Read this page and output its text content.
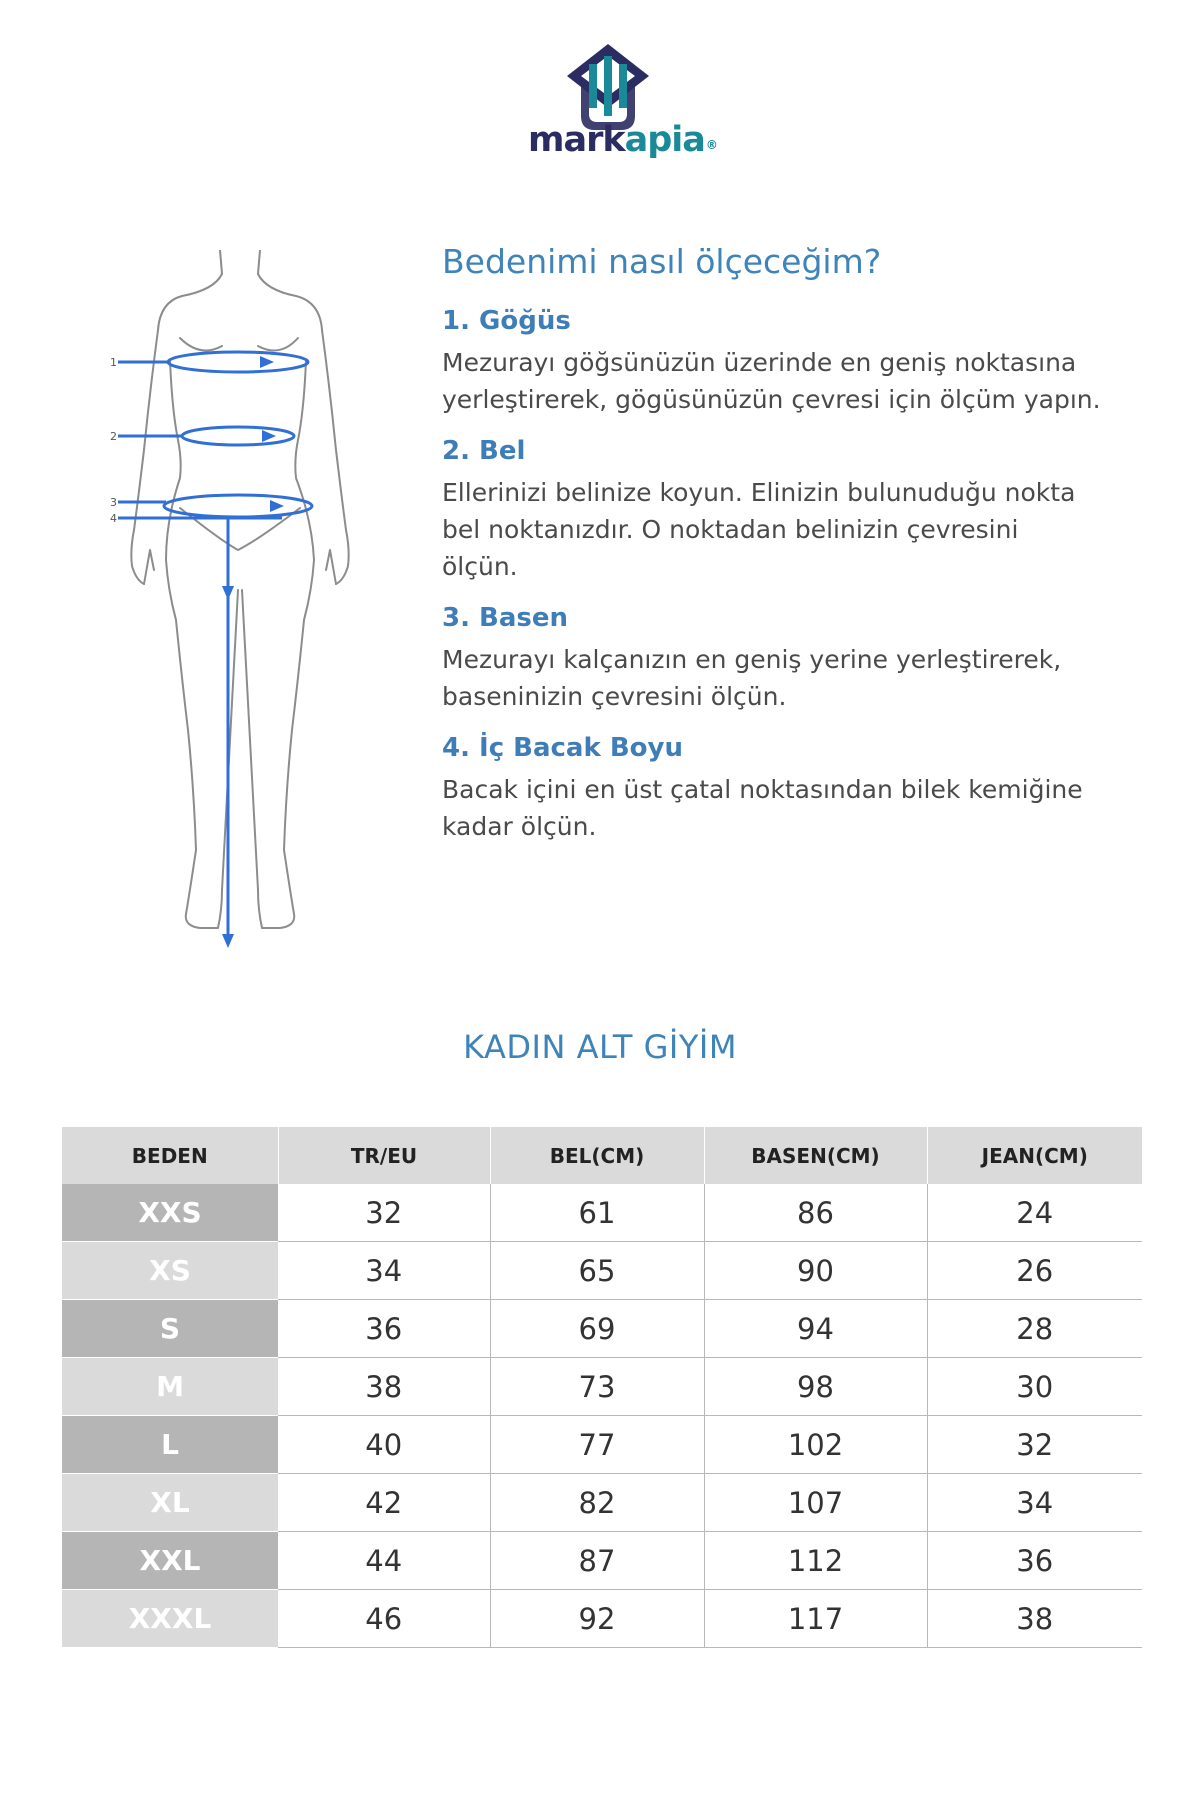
markapia®
1
2
3
4
Bedenimi nasıl ölçeceğim?
1. Göğüs

Mezurayı göğsünüzün üzerinde en geniş noktasına
yerleştirerek, gögüsünüzün çevresi için ölçüm yapın.

2. Bel

Ellerinizi belinize koyun. Elinizin bulunuduğu nokta
bel noktanızdır. O noktadan belinizin çevresini
ölçün.

3. Basen

Mezurayı kalçanızın en geniş yerine yerleştirerek,
baseninizin çevresini ölçün.

4. İç Bacak Boyu

Bacak içini en üst çatal noktasından bilek kemiğine
kadar ölçün.

KADIN ALT GİYİM
BEDEN	TR/EU	BEL(CM)	BASEN(CM)	JEAN(CM)
XXS	32	61	86	24
XS	34	65	90	26
S	36	69	94	28
M	38	73	98	30
L	40	77	102	32
XL	42	82	107	34
XXL	44	87	112	36
XXXL	46	92	117	38
